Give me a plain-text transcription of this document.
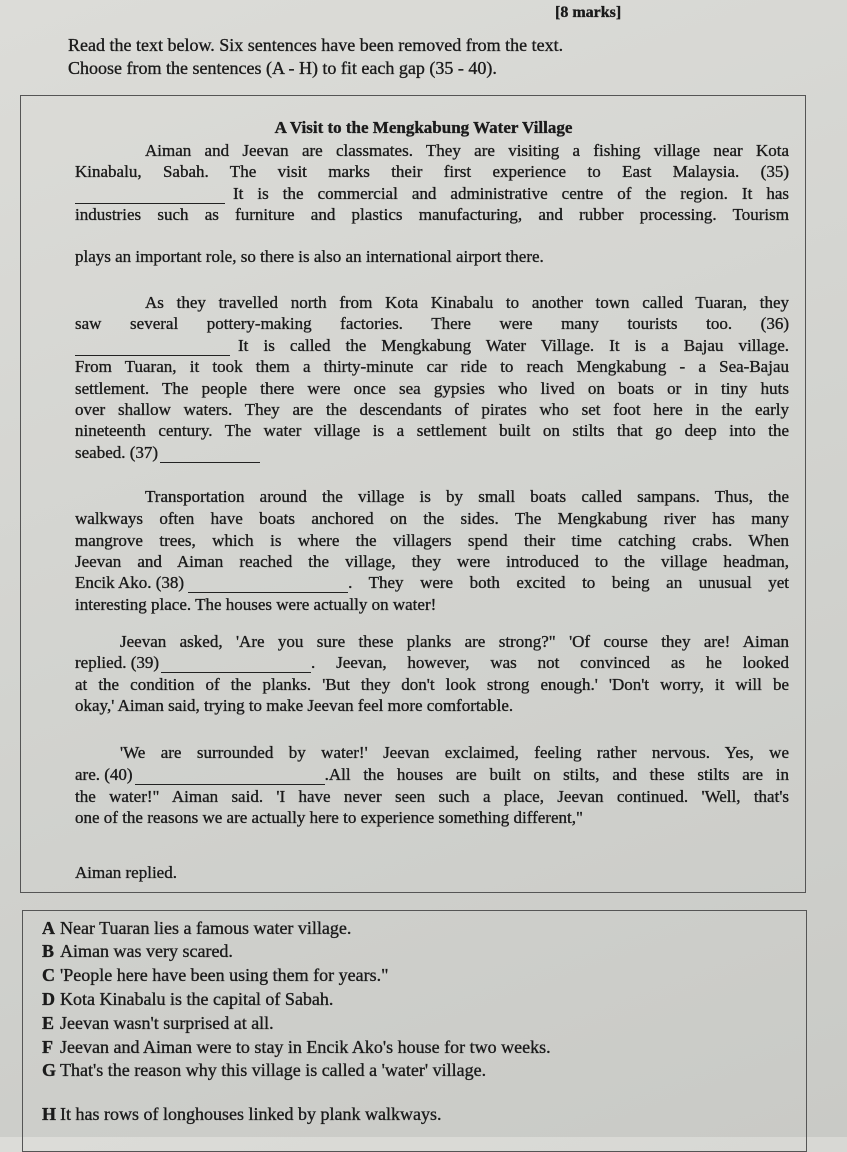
[8 marks]
Read the text below. Six sentences have been removed from the text.
Choose from the sentences (A - H) to fit each gap (35 - 40).
A Visit to the Mengkabung Water Village
Aiman and Jeevan are classmates. They are visiting a fishing village near Kota
Kinabalu, Sabah. The visit marks their first experience to East Malaysia. (35)
It is the commercial and administrative centre of the region. It has
industries such as furniture and plastics manufacturing, and rubber processing. Tourism
plays an important role, so there is also an international airport there.
As they travelled north from Kota Kinabalu to another town called Tuaran, they
saw several pottery-making factories. There were many tourists too. (36)
It is called the Mengkabung Water Village. It is a Bajau village.
From Tuaran, it took them a thirty-minute car ride to reach Mengkabung - a Sea-Bajau
settlement. The people there were once sea gypsies who lived on boats or in tiny huts
over shallow waters. They are the descendants of pirates who set foot here in the early
nineteenth century. The water village is a settlement built on stilts that go deep into the
seabed. (37)
Transportation around the village is by small boats called sampans. Thus, the
walkways often have boats anchored on the sides. The Mengkabung river has many
mangrove trees, which is where the villagers spend their time catching crabs. When
Jeevan and Aiman reached the village, they were introduced to the village headman,
Encik Ako. (38)	. They were both excited to being an unusual yet
interesting place. The houses were actually on water!
Jeevan asked, 'Are you sure these planks are strong?" 'Of course they are! Aiman
replied. (39)	. Jeevan, however, was not convinced as he looked
at the condition of the planks. 'But they don't look strong enough.' 'Don't worry, it will be
okay,' Aiman said, trying to make Jeevan feel more comfortable.
'We are surrounded by water!' Jeevan exclaimed, feeling rather nervous. Yes, we
are. (40)	.All the houses are built on stilts, and these stilts are in
the water!" Aiman said. 'I have never seen such a place, Jeevan continued. 'Well, that's
one of the reasons we are actually here to experience something different,"
Aiman replied.
A Near Tuaran lies a famous water village.
B Aiman was very scared.
C 'People here have been using them for years."
D Kota Kinabalu is the capital of Sabah.
E Jeevan wasn't surprised at all.
F Jeevan and Aiman were to stay in Encik Ako's house for two weeks.
G That's the reason why this village is called a 'water' village.
H It has rows of longhouses linked by plank walkways.
